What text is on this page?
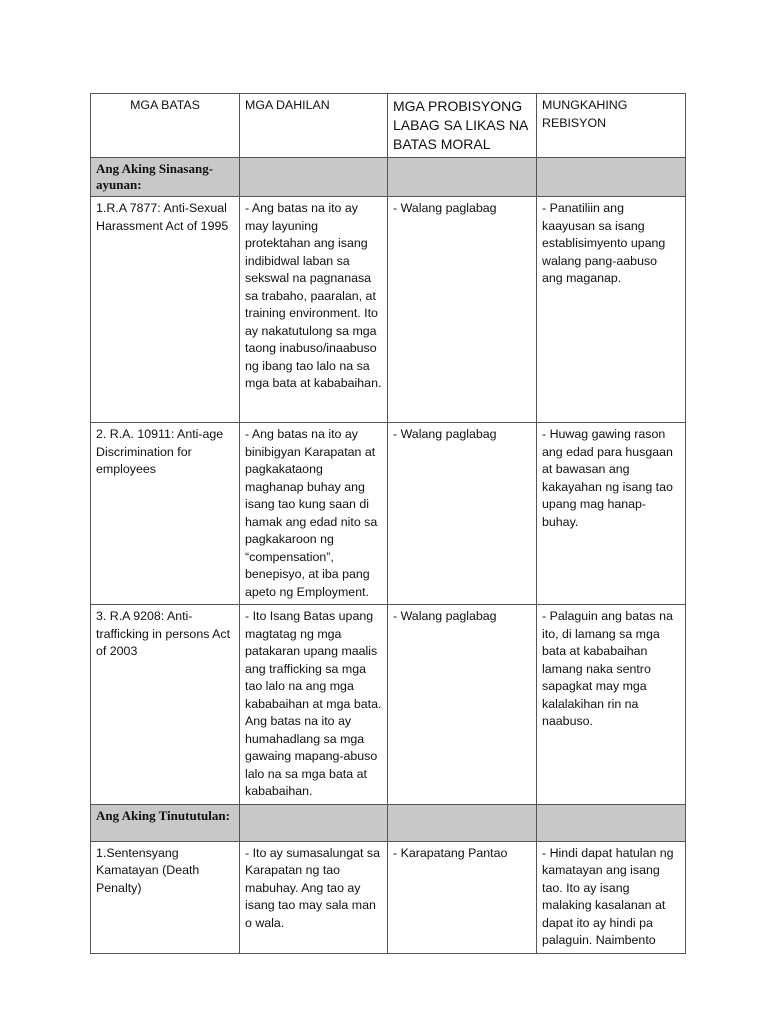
MGA BATAS	MGA DAHILAN	MGA PROBISYONG LABAG SA LIKAS NA BATAS MORAL	MUNGKAHING REBISYON
Ang Aking Sinasang-ayunan:			
1.R.A 7877: Anti-Sexual Harassment Act of 1995	- Ang batas na ito ay may layuning protektahan ang isang indibidwal laban sa sekswal na pagnanasa sa trabaho, paaralan, at training environment. Ito ay nakatutulong sa mga taong inabuso/inaabuso ng ibang tao lalo na sa mga bata at kababaihan.	- Walang paglabag	- Panatiliin ang kaayusan sa isang establisimyento upang walang pang-aabuso ang maganap.
2. R.A. 10911: Anti-age Discrimination for employees	- Ang batas na ito ay binibigyan Karapatan at pagkakataong maghanap buhay ang isang tao kung saan di hamak ang edad nito sa pagkakaroon ng “compensation”, benepisyo, at iba pang apeto ng Employment.	- Walang paglabag	- Huwag gawing rason ang edad para husgaan at bawasan ang kakayahan ng isang tao upang mag hanap-buhay.
3. R.A 9208: Anti-trafficking in persons Act of 2003	- Ito Isang Batas upang magtatag ng mga patakaran upang maalis ang trafficking sa mga tao lalo na ang mga kababaihan at mga bata. Ang batas na ito ay humahadlang sa mga gawaing mapang-abuso lalo na sa mga bata at kababaihan.	- Walang paglabag	- Palaguin ang batas na ito, di lamang sa mga bata at kababaihan lamang naka sentro sapagkat may mga kalalakihan rin na naabuso.
Ang Aking Tinututulan:			
1.Sentensyang Kamatayan (Death Penalty)	- Ito ay sumasalungat sa Karapatan ng tao mabuhay. Ang tao ay isang tao may sala man o wala.	- Karapatang Pantao	- Hindi dapat hatulan ng kamatayan ang isang tao. Ito ay isang malaking kasalanan at dapat ito ay hindi pa palaguin. Naimbento
